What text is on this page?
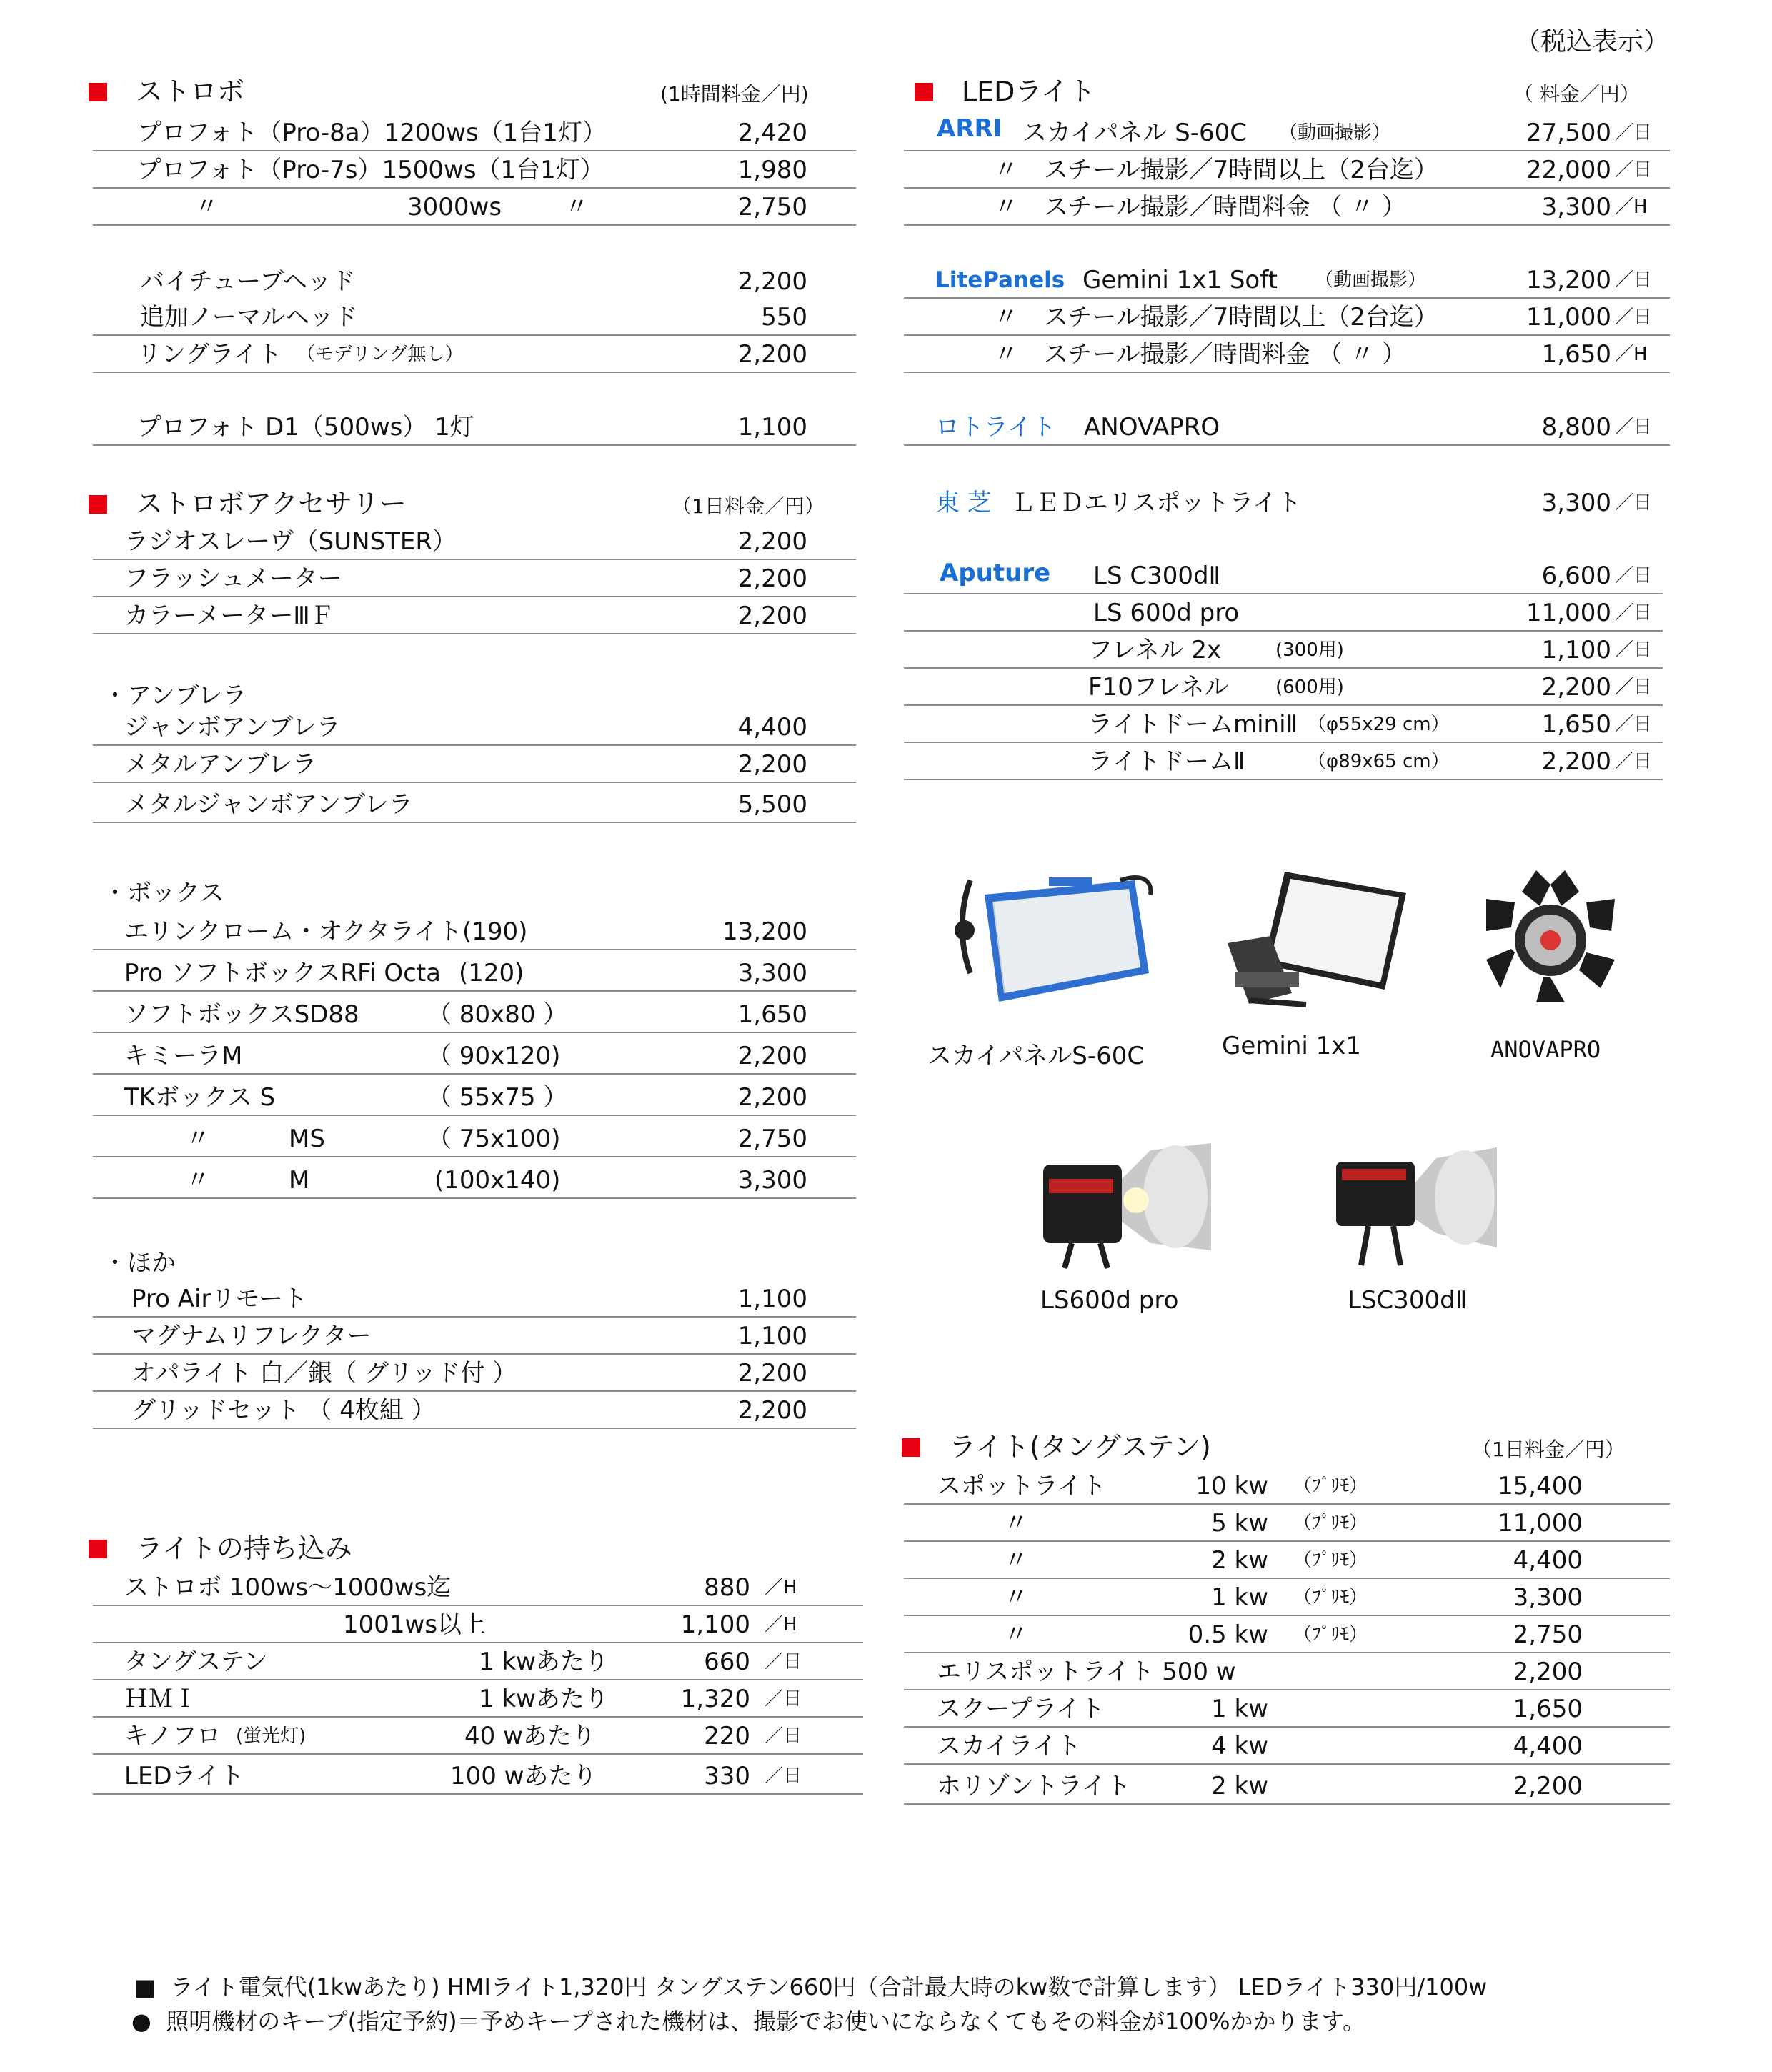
（税込表示）
ストロボ	(1時間料金／円)
プロフォト（Pro-8a）1200ws（1台1灯）	2,420
プロフォト（Pro-7s）1500ws（1台1灯）	1,980
〃	3000ws	〃	2,750
バイチューブヘッド	2,200
追加ノーマルヘッド	550
リングライト （モデリング無し）	2,200
プロフォト D1（500ws） 1灯	1,100
ストロボアクセサリー	（1日料金／円）
ラジオスレーヴ（SUNSTER）	2,200
フラッシュメーター	2,200
カラーメーターⅢＦ	2,200
・アンブレラ
ジャンボアンブレラ	4,400
メタルアンブレラ	2,200
メタルジャンボアンブレラ	5,500
・ボックス
エリンクローム・オクタライト(190)	13,200
Pro ソフトボックスRFi Octa (120)	3,300
ソフトボックスSD88	（ 80x80 ）	1,650
キミーラM	（ 90x120)	2,200
TKボックス S	（ 55x75 ）	2,200
〃	MS	（ 75x100)	2,750
〃	M	(100x140)	3,300
・ほか
Pro Airリモート	1,100
マグナムリフレクター	1,100
オパライト 白／銀（ グリッド付 ）	2,200
グリッドセット （ 4枚組 ）	2,200
ライトの持ち込み
ストロボ 100ws〜1000ws迄	880 ／H
1001ws以上	1,100 ／H
タングステン	1 kwあたり	660 ／日
ＨＭＩ	1 kwあたり	1,320 ／日
キノフロ (蛍光灯)	40 wあたり	220 ／日
LEDライト	100 wあたり	330 ／日
LEDライト	（ 料金／円）
ARRI スカイパネル S-60C （動画撮影）	27,500 ／日
〃 スチール撮影／7時間以上（2台迄）	22,000 ／日
〃 スチール撮影／時間料金 （ 〃 ）	3,300 ／H
LitePanels Gemini 1x1 Soft （動画撮影）	13,200 ／日
〃 スチール撮影／7時間以上（2台迄）	11,000 ／日
〃 スチール撮影／時間料金 （ 〃 ）	1,650 ／H
ロトライト ANOVAPRO	8,800 ／日
東 芝 ＬＥＤエリスポットライト	3,300 ／日
Aputure LS C300dⅡ	6,600 ／日
LS 600d pro	11,000 ／日
フレネル 2x	(300用)	1,100 ／日
F10フレネル	(600用)	2,200 ／日
ライトドームminiⅡ （φ55x29 cm）	1,650 ／日
ライトドームⅡ	（φ89x65 cm）	2,200 ／日
スカイパネルS-60C	Gemini 1x1	ANOVAPRO
LS600d pro	LSC300dⅡ
ライト(タングステン)	（1日料金／円）
スポットライト	10 kw （ﾌﾟﾘﾓ）	15,400
〃	5 kw （ﾌﾟﾘﾓ）	11,000
〃	2 kw （ﾌﾟﾘﾓ）	4,400
〃	1 kw （ﾌﾟﾘﾓ）	3,300
〃	0.5 kw （ﾌﾟﾘﾓ）	2,750
エリスポットライト 500 w	2,200
スクープライト	1 kw	1,650
スカイライト	4 kw	4,400
ホリゾントライト	2 kw	2,200
■ ライト電気代(1kwあたり) HMIライト1,320円 タングステン660円（合計最大時のkw数で計算します） LEDライト330円/100w
● 照明機材のキープ(指定予約)＝予めキープされた機材は、撮影でお使いにならなくてもその料金が100%かかります。
